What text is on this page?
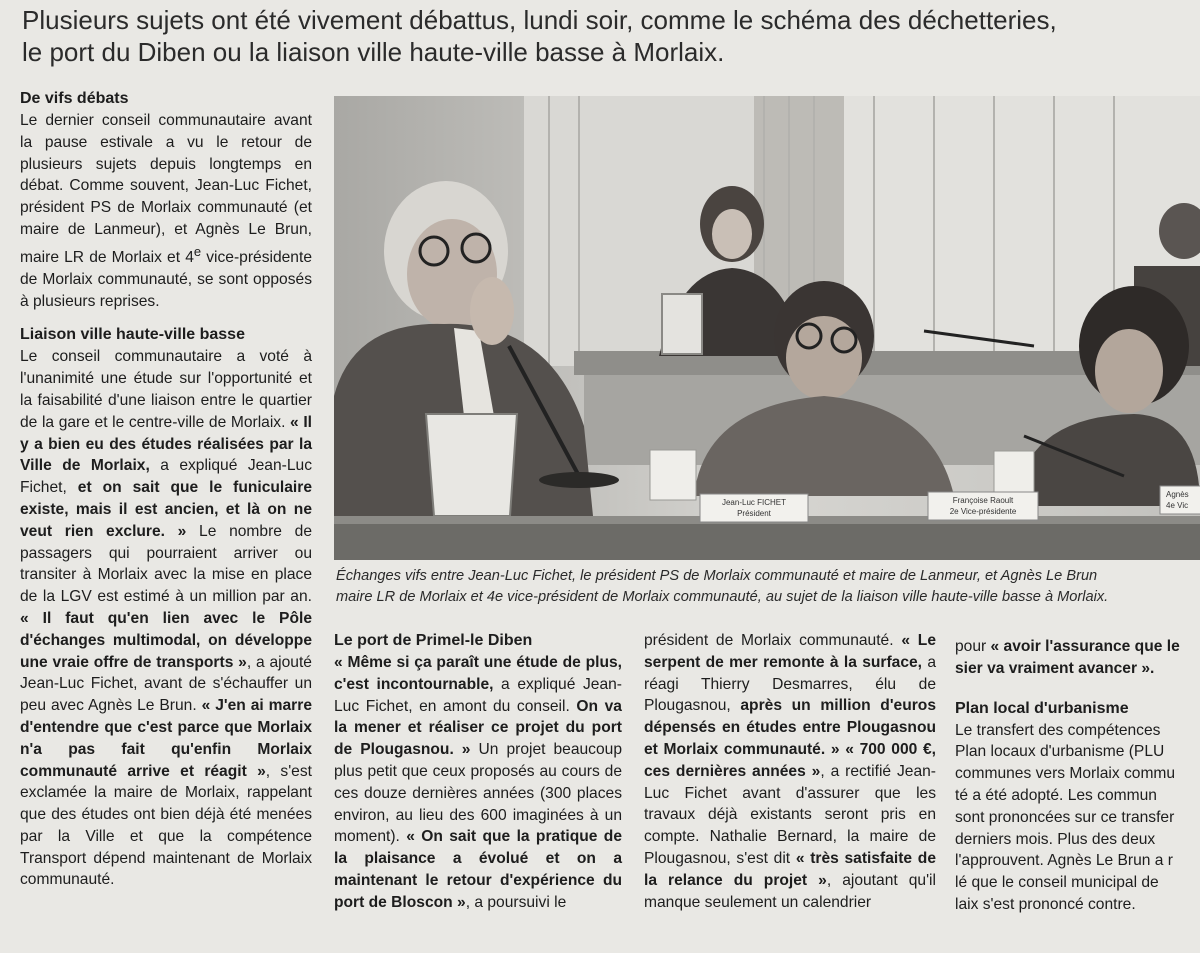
Plusieurs sujets ont été vivement débattus, lundi soir, comme le schéma des déchetteries,
le port du Diben ou la liaison ville haute-ville basse à Morlaix.
De vifs débats

Le dernier conseil communautaire avant la pause estivale a vu le retour de plusieurs sujets depuis longtemps en débat. Comme souvent, Jean-Luc Fichet, président PS de Morlaix communauté (et maire de Lanmeur), et Agnès Le Brun, maire LR de Morlaix et 4e vice-présidente de Morlaix communauté, se sont opposés à plusieurs reprises.

Liaison ville haute-ville basse

Le conseil communautaire a voté à l'unanimité une étude sur l'opportunité et la faisabilité d'une liaison entre le quartier de la gare et le centre-ville de Morlaix. « Il y a bien eu des études réalisées par la Ville de Morlaix, a expliqué Jean-Luc Fichet, et on sait que le funiculaire existe, mais il est ancien, et là on ne veut rien exclure. » Le nombre de passagers qui pourraient arriver ou transiter à Morlaix avec la mise en place de la LGV est estimé à un million par an. « Il faut qu'en lien avec le Pôle d'échanges multimodal, on développe une vraie offre de transports », a ajouté Jean-Luc Fichet, avant de s'échauffer un peu avec Agnès Le Brun. « J'en ai marre d'entendre que c'est parce que Morlaix n'a pas fait qu'enfin Morlaix communauté arrive et réagit », s'est exclamée la maire de Morlaix, rappelant que des études ont bien déjà été menées par la Ville et que la compétence Transport dépend maintenant de Morlaix communauté.

Jean-Luc FICHET
Président
Françoise Raoult
2e Vice-présidente
Agnès
4e Vic
Échanges vifs entre Jean-Luc Fichet, le président PS de Morlaix communauté et maire de Lanmeur, et Agnès Le Brun
maire LR de Morlaix et 4e vice-président de Morlaix communauté, au sujet de la liaison ville haute-ville basse à Morlaix.
Le port de Primel-le Diben

« Même si ça paraît une étude de plus, c'est incontournable, a expliqué Jean-Luc Fichet, en amont du conseil. On va la mener et réaliser ce projet du port de Plougasnou. » Un projet beaucoup plus petit que ceux proposés au cours de ces douze dernières années (300 places environ, au lieu des 600 imaginées à un moment). « On sait que la pratique de la plaisance a évolué et on a maintenant le retour d'expérience du port de Bloscon », a poursuivi le

président de Morlaix communauté. « Le serpent de mer remonte à la surface, a réagi Thierry Desmarres, élu de Plougasnou, après un million d'euros dépensés en études entre Plougasnou et Morlaix communauté. » « 700 000 €, ces dernières années », a rectifié Jean-Luc Fichet avant d'assurer que les travaux déjà existants seront pris en compte. Nathalie Bernard, la maire de Plougasnou, s'est dit « très satisfaite de la relance du projet », ajoutant qu'il manque seulement un calendrier

pour « avoir l'assurance que le
sier va vraiment avancer ».

Plan local d'urbanisme

Le transfert des compétences
Plan locaux d'urbanisme (PLU
communes vers Morlaix commu
té a été adopté. Les commun
sont prononcées sur ce transfer
derniers mois. Plus des deux
l'approuvent. Agnès Le Brun a r
lé que le conseil municipal de
laix s'est prononcé contre.
